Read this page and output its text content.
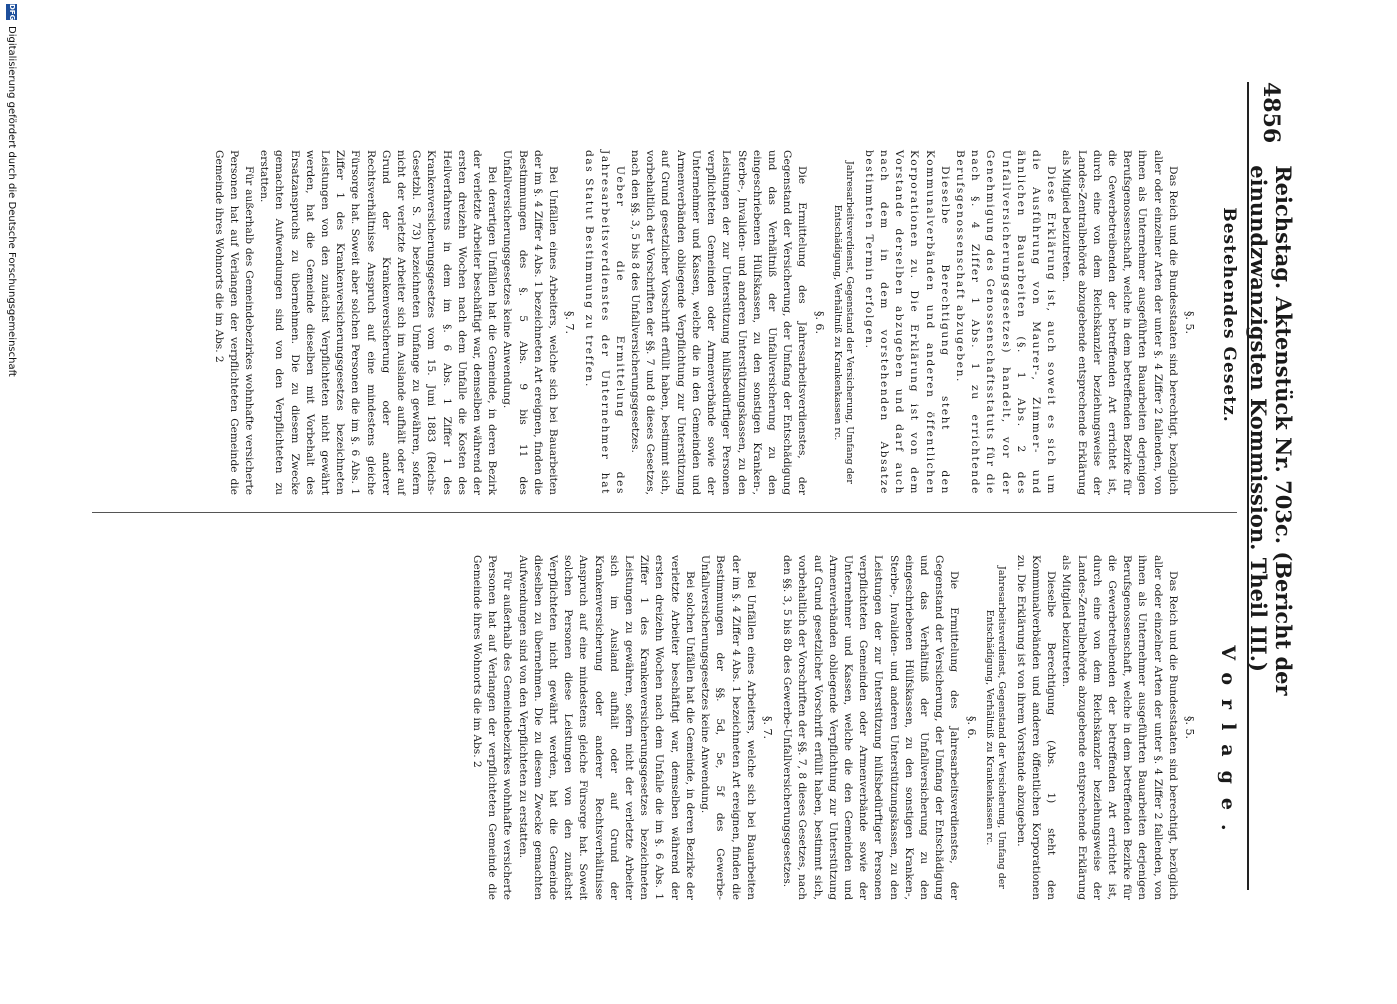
4856
Reichstag. Aktenstück Nr. 703c. (Bericht der einundzwanzigsten Kommission. Theil III.)
Bestehendes Gesetz.
Vorlage.
§. 5.

Das Reich und die Bundesstaaten sind berechtigt, bezüglich aller oder einzelner Arten der unter §. 4 Ziffer 2 fallenden, von ihnen als Unternehmer ausgeführten Bauarbeiten derjenigen Berufsgenossenschaft, welche in dem betreffenden Bezirke für die Gewerbetreibenden der betreffenden Art errichtet ist, durch eine von dem Reichskanzler beziehungsweise der Landes-Zentralbehörde abzugebende entsprechende Erklärung als Mitglied beizutreten.

Diese Erklärung ist, auch soweit es sich um die Ausführung von Maurer-, Zimmer- und ähnlichen Bauarbeiten (§. 1 Abs. 2 des Unfallversicherungsgesetzes) handelt, vor der Genehmigung des Genossenschaftsstatuts für die nach §. 4 Ziffer 1 Abs. 1 zu errichtende Berufsgenossenschaft abzugeben.

Dieselbe Berechtigung steht den Kommunalverbänden und anderen öffentlichen Korporationen zu. Die Erklärung ist von dem Vorstande derselben abzugeben und darf auch nach dem in dem vorstehenden Absatze bestimmten Termin erfolgen.

Jahresarbeitsverdienst, Gegenstand der Versicherung, Umfang der Entschädigung, Verhältniß zu Krankenkassen rc.
§. 6.

Die Ermittelung des Jahresarbeitsverdienstes, der Gegenstand der Versicherung, der Umfang der Entschädigung und das Verhältniß der Unfallversicherung zu den eingeschriebenen Hülfskassen, zu den sonstigen Kranken-, Sterbe-, Invaliden- und anderen Unterstützungskassen, zu den Leistungen der zur Unterstützung hülfsbedürftiger Personen verpflichteten Gemeinden oder Armenverbände sowie der Unternehmer und Kassen, welche die in den Gemeinden und Armenverbänden obliegende Verpflichtung zur Unterstützung auf Grund gesetzlicher Vorschrift erfüllt haben, bestimmt sich, vorbehaltlich der Vorschriften der §§. 7 und 8 dieses Gesetzes, nach den §§. 3, 5 bis 8 des Unfallversicherungsgesetzes.

Ueber die Ermittelung des Jahresarbeitsverdienstes der Unternehmer hat das Statut Bestimmung zu treffen.

§. 7.

Bei Unfällen eines Arbeiters, welche sich bei Bauarbeiten der im §. 4 Ziffer 4 Abs. 1 bezeichneten Art ereignen, finden die Bestimmungen des §. 5 Abs. 9 bis 11 des Unfallversicherungsgesetzes keine Anwendung.

Bei derartigen Unfällen hat die Gemeinde, in deren Bezirk der verletzte Arbeiter beschäftigt war, demselben während der ersten dreizehn Wochen nach dem Unfalle die Kosten des Heilverfahrens in dem im §. 6 Abs. 1 Ziffer 1 des Krankenversicherungsgesetzes vom 15. Juni 1883 (Reichs-Gesetzbl. S. 73) bezeichneten Umfange zu gewähren, sofern nicht der verletzte Arbeiter sich im Auslande aufhält oder auf Grund der Krankenversicherung oder anderer Rechtsverhältnisse Anspruch auf eine mindestens gleiche Fürsorge hat. Soweit aber solchen Personen die im §. 6 Abs. 1 Ziffer 1 des Krankenversicherungsgesetzes bezeichneten Leistungen von den zunächst Verpflichteten nicht gewährt werden, hat die Gemeinde dieselben mit Vorbehalt des Ersatzanspruchs zu übernehmen. Die zu diesem Zwecke gemachten Aufwendungen sind von den Verpflichteten zu erstatten.

Für außerhalb des Gemeindebezirkes wohnhafte versicherte Personen hat auf Verlangen der verpflichteten Gemeinde die Gemeinde ihres Wohnorts die im Abs. 2

§. 5.

Das Reich und die Bundesstaaten sind berechtigt, bezüglich aller oder einzelner Arten der unter §. 4 Ziffer 2 fallenden, von ihnen als Unternehmer ausgeführten Bauarbeiten derjenigen Berufsgenossenschaft, welche in dem betreffenden Bezirke für die Gewerbetreibenden der betreffenden Art errichtet ist, durch eine von dem Reichskanzler beziehungsweise der Landes-Zentralbehörde abzugebende entsprechende Erklärung als Mitglied beizutreten.

Dieselbe Berechtigung (Abs. 1) steht den Kommunalverbänden und anderen öffentlichen Korporationen zu. Die Erklärung ist von ihrem Vorstande abzugeben.

Jahresarbeitsverdienst, Gegenstand der Versicherung, Umfang der Entschädigung, Verhältniß zu Krankenkassen rc.
§. 6.

Die Ermittelung des Jahresarbeitsverdienstes, der Gegenstand der Versicherung, der Umfang der Entschädigung und das Verhältniß der Unfallversicherung zu den eingeschriebenen Hülfskassen, zu den sonstigen Kranken-, Sterbe-, Invaliden- und anderen Unterstützungskassen, zu den Leistungen der zur Unterstützung hülfsbedürftiger Personen verpflichteten Gemeinden oder Armenverbände sowie der Unternehmer und Kassen, welche die den Gemeinden und Armenverbänden obliegende Verpflichtung zur Unterstützung auf Grund gesetzlicher Vorschrift erfüllt haben, bestimmt sich, vorbehaltlich der Vorschriften der §§. 7, 8 dieses Gesetzes, nach den §§. 3, 5 bis 8b des Gewerbe-Unfallversicherungsgesetzes.

§. 7.

Bei Unfällen eines Arbeiters, welche sich bei Bauarbeiten der im §. 4 Ziffer 4 Abs. 1 bezeichneten Art ereignen, finden die Bestimmungen der §§. 5d, 5e, 5f des Gewerbe-Unfallversicherungsgesetzes keine Anwendung.

Bei solchen Unfällen hat die Gemeinde, in deren Bezirke der verletzte Arbeiter beschäftigt war, demselben während der ersten dreizehn Wochen nach dem Unfalle die im §. 6 Abs. 1 Ziffer 1 des Krankenversicherungsgesetzes bezeichneten Leistungen zu gewähren, sofern nicht der verletzte Arbeiter sich im Ausland aufhält oder auf Grund der Krankenversicherung oder anderer Rechtsverhältnisse Anspruch auf eine mindestens gleiche Fürsorge hat. Soweit solchen Personen diese Leistungen von den zunächst Verpflichteten nicht gewährt werden, hat die Gemeinde dieselben zu übernehmen. Die zu diesem Zwecke gemachten Aufwendungen sind von den Verpflichteten zu erstatten.

Für außerhalb des Gemeindebezirkes wohnhafte versicherte Personen hat auf Verlangen der verpflichteten Gemeinde die Gemeinde ihres Wohnorts die im Abs. 2

DFG
Digitalisierung gefördert durch die Deutsche Forschungsgemeinschaft
